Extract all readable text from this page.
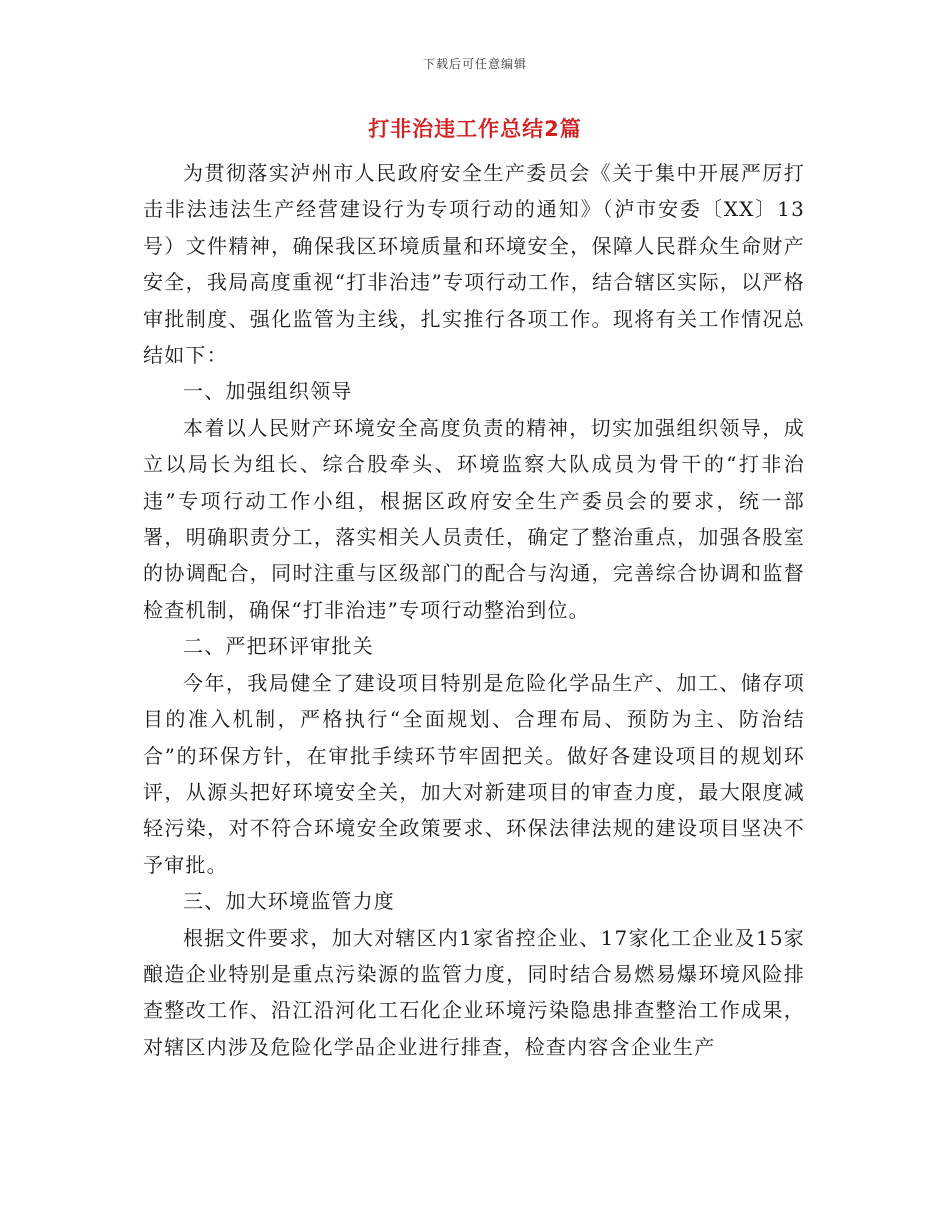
下载后可任意编辑
打非治违工作总结2篇

为贯彻落实泸州市人民政府安全生产委员会《关于集中开展严厉打击非法违法生产经营建设行为专项行动的通知》（泸市安委〔XX〕13号）文件精神，确保我区环境质量和环境安全，保障人民群众生命财产安全，我局高度重视“打非治违”专项行动工作，结合辖区实际，以严格审批制度、强化监管为主线，扎实推行各项工作。现将有关工作情况总结如下：

一、加强组织领导

本着以人民财产环境安全高度负责的精神，切实加强组织领导，成立以局长为组长、综合股牵头、环境监察大队成员为骨干的“打非治违”专项行动工作小组，根据区政府安全生产委员会的要求，统一部署，明确职责分工，落实相关人员责任，确定了整治重点，加强各股室的协调配合，同时注重与区级部门的配合与沟通，完善综合协调和监督检查机制，确保“打非治违”专项行动整治到位。

二、严把环评审批关

今年，我局健全了建设项目特别是危险化学品生产、加工、储存项目的准入机制，严格执行“全面规划、合理布局、预防为主、防治结合”的环保方针，在审批手续环节牢固把关。做好各建设项目的规划环评，从源头把好环境安全关，加大对新建项目的审查力度，最大限度减轻污染，对不符合环境安全政策要求、环保法律法规的建设项目坚决不予审批。

三、加大环境监管力度

根据文件要求，加大对辖区内1家省控企业、17家化工企业及15家酿造企业特别是重点污染源的监管力度，同时结合易燃易爆环境风险排查整改工作、沿江沿河化工石化企业环境污染隐患排查整治工作成果，对辖区内涉及危险化学品企业进行排查，检查内容含企业生产
